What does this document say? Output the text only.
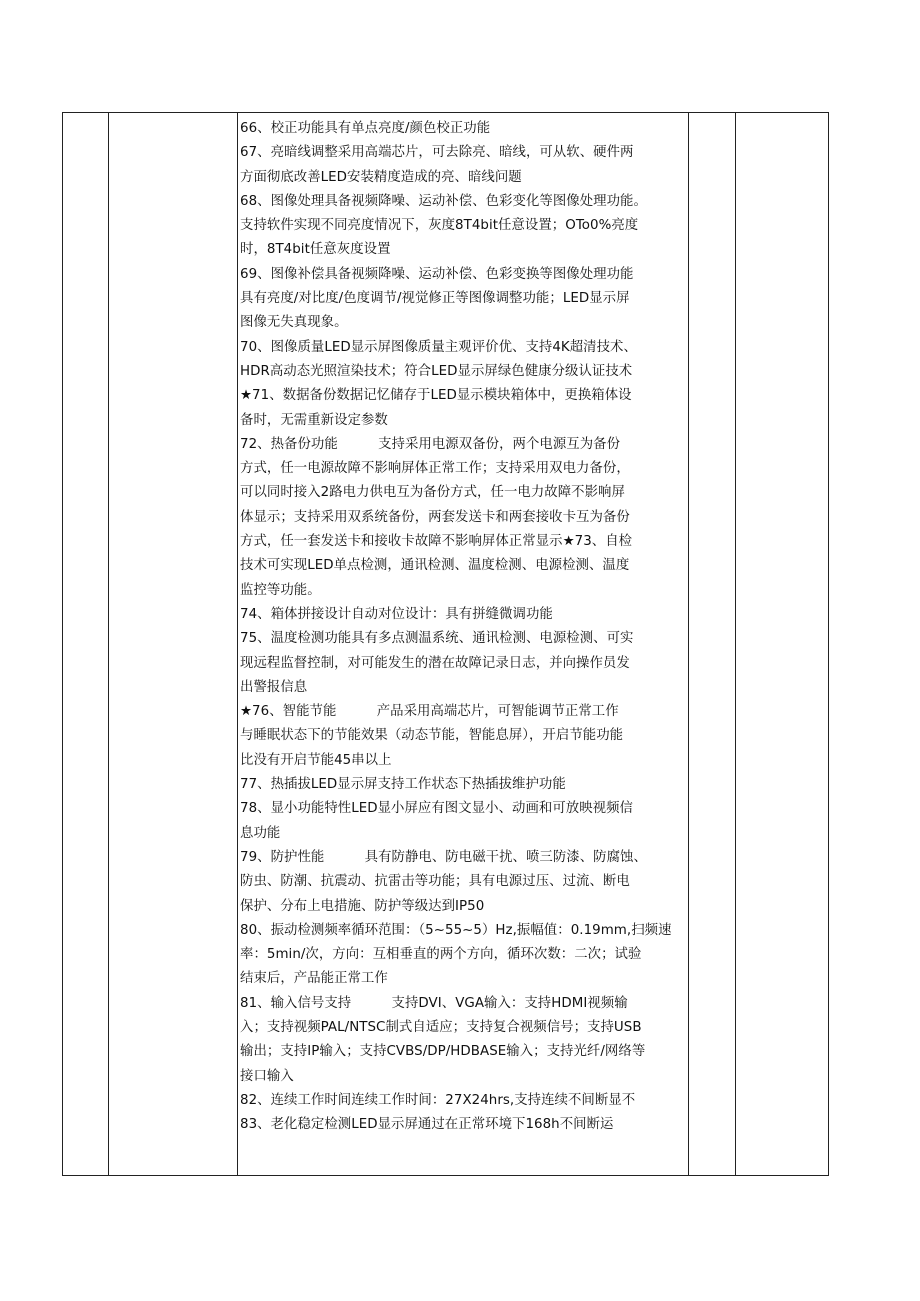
66、校正功能具有单点亮度/颜色校正功能

67、亮暗线调整采用高端芯片，可去除亮、暗线，可从软、硬件两

方面彻底改善LED安装精度造成的亮、暗线问题

68、图像处理具备视频降噪、运动补偿、色彩变化等图像处理功能。

支持软件实现不同亮度情况下，灰度8T4bit任意设置；OTo0%亮度

时，8T4bit任意灰度设置

69、图像补偿具备视频降噪、运动补偿、色彩变换等图像处理功能

具有亮度/对比度/色度调节/视觉修正等图像调整功能；LED显示屏

图像无失真现象。

70、图像质量LED显示屏图像质量主观评价优、支持4K超清技术、

HDR高动态光照渲染技术；符合LED显示屏绿色健康分级认证技术

★71、数据备份数据记忆储存于LED显示模块箱体中，更换箱体设

备时，无需重新设定参数

72、热备份功能　　　支持采用电源双备份，两个电源互为备份

方式，任一电源故障不影响屏体正常工作；支持采用双电力备份，

可以同时接入2路电力供电互为备份方式，任一电力故障不影响屏

体显示；支持采用双系统备份，两套发送卡和两套接收卡互为备份

方式，任一套发送卡和接收卡故障不影响屏体正常显示★73、自检

技术可实现LED单点检测，通讯检测、温度检测、电源检测、温度

监控等功能。

74、箱体拼接设计自动对位设计：具有拼缝微调功能

75、温度检测功能具有多点测温系统、通讯检测、电源检测、可实

现远程监督控制，对可能发生的潜在故障记录日志，并向操作员发

出警报信息

★76、智能节能　　　产品采用高端芯片，可智能调节正常工作

与睡眠状态下的节能效果（动态节能，智能息屏），开启节能功能

比没有开启节能45串以上

77、热插拔LED显示屏支持工作状态下热插拔维护功能

78、显小功能特性LED显小屏应有图文显小、动画和可放映视频信

息功能

79、防护性能　　　具有防静电、防电磁干扰、喷三防漆、防腐蚀、

防虫、防潮、抗震动、抗雷击等功能；具有电源过压、过流、断电

保护、分布上电措施、防护等级达到IP50

80、振动检测频率循环范围：（5~55~5）Hz,振幅值：0.19mm,扫频速

率：5min/次，方向：互相垂直的两个方向，循环次数：二次；试验

结束后，产品能正常工作

81、输入信号支持　　　支持DVI、VGA输入：支持HDMI视频输

入；支持视频PAL/NTSC制式自适应；支持复合视频信号；支持USB

输出；支持IP输入；支持CVBS/DP/HDBASE输入；支持光纤/网络等

接口输入

82、连续工作时间连续工作时间：27X24hrs,支持连续不间断显不

83、老化稳定检测LED显示屏通过在正常环境下168h不间断运
